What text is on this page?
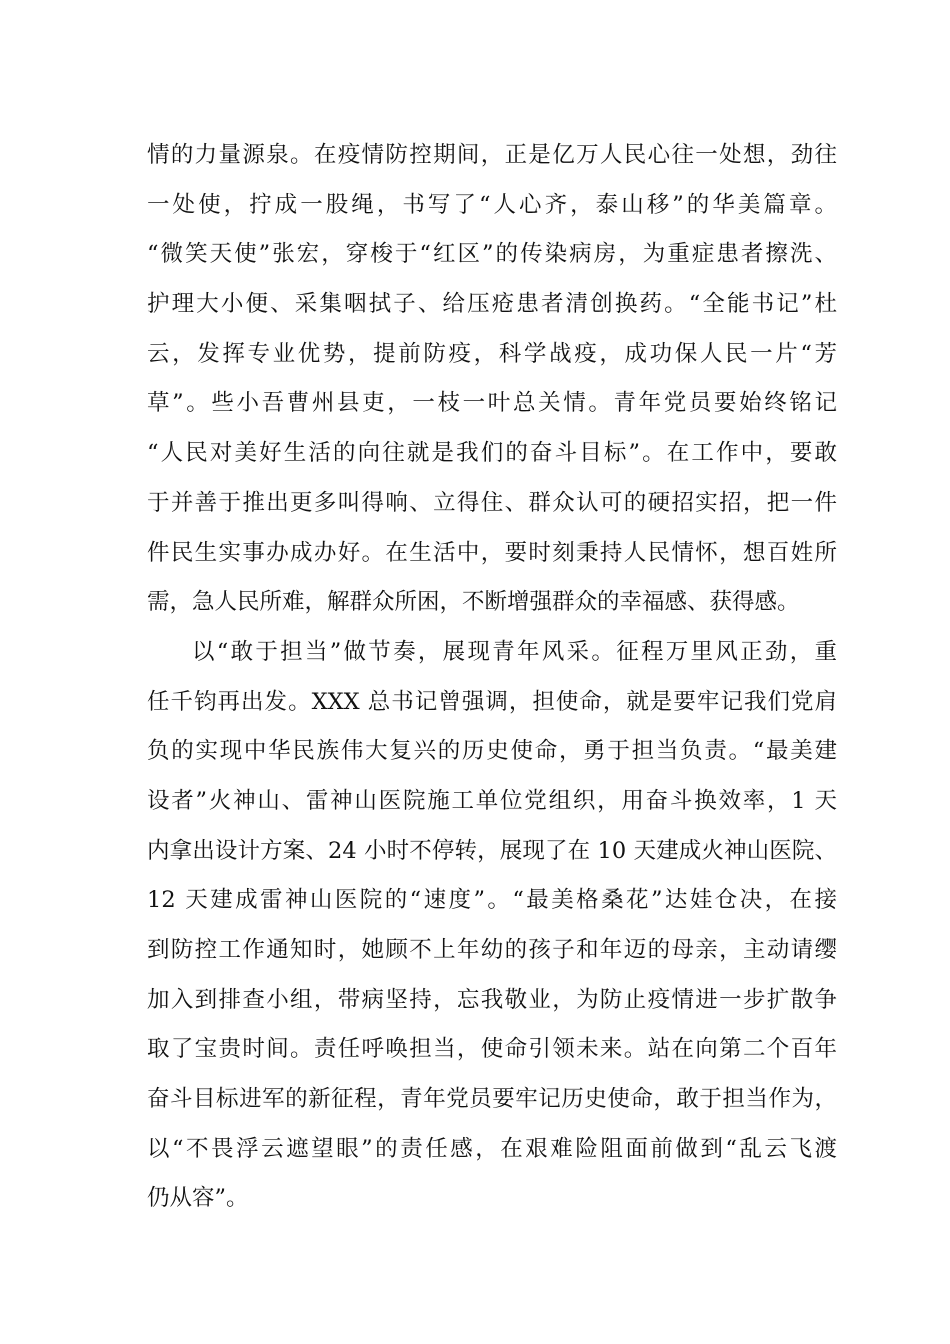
情的力量源泉。在疫情防控期间，正是亿万人民心往一处想，劲往
一处使，拧成一股绳，书写了“人心齐，泰山移”的华美篇章。
“微笑天使”张宏，穿梭于“红区”的传染病房，为重症患者擦洗、
护理大小便、采集咽拭子、给压疮患者清创换药。“全能书记”杜
云，发挥专业优势，提前防疫，科学战疫，成功保人民一片“芳
草”。些小吾曹州县吏，一枝一叶总关情。青年党员要始终铭记
“人民对美好生活的向往就是我们的奋斗目标”。在工作中，要敢
于并善于推出更多叫得响、立得住、群众认可的硬招实招，把一件
件民生实事办成办好。在生活中，要时刻秉持人民情怀，想百姓所
需，急人民所难，解群众所困，不断增强群众的幸福感、获得感。
以“敢于担当”做节奏，展现青年风采。征程万里风正劲，重
任千钧再出发。XXX 总书记曾强调，担使命，就是要牢记我们党肩
负的实现中华民族伟大复兴的历史使命，勇于担当负责。“最美建
设者”火神山、雷神山医院施工单位党组织，用奋斗换效率，1 天
内拿出设计方案、24 小时不停转，展现了在 10 天建成火神山医院、
12 天建成雷神山医院的“速度”。“最美格桑花”达娃仓决，在接
到防控工作通知时，她顾不上年幼的孩子和年迈的母亲，主动请缨
加入到排查小组，带病坚持，忘我敬业，为防止疫情进一步扩散争
取了宝贵时间。责任呼唤担当，使命引领未来。站在向第二个百年
奋斗目标进军的新征程，青年党员要牢记历史使命，敢于担当作为，
以“不畏浮云遮望眼”的责任感，在艰难险阻面前做到“乱云飞渡
仍从容”。
